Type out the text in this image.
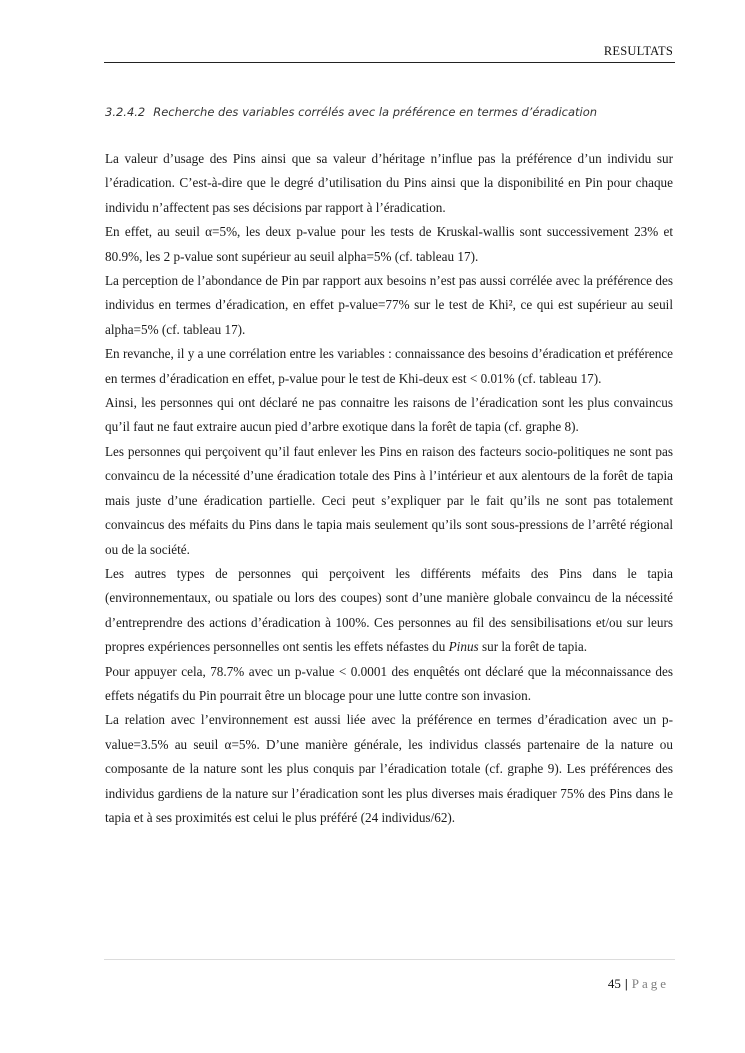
RESULTATS
3.2.4.2 Recherche des variables corrélés avec la préférence en termes d’éradication

La valeur d’usage des Pins ainsi que sa valeur d’héritage n’influe pas la préférence d’un individu sur l’éradication. C’est-à-dire que le degré d’utilisation du Pins ainsi que la disponibilité en Pin pour chaque individu n’affectent pas ses décisions par rapport à l’éradication.

En effet, au seuil α=5%, les deux p-value pour les tests de Kruskal-wallis sont successivement 23% et 80.9%, les 2 p-value sont supérieur au seuil alpha=5% (cf. tableau 17).

La perception de l’abondance de Pin par rapport aux besoins n’est pas aussi corrélée avec la préférence des individus en termes d’éradication, en effet p-value=77% sur le test de Khi², ce qui est supérieur au seuil alpha=5% (cf. tableau 17).

En revanche, il y a une corrélation entre les variables : connaissance des besoins d’éradication et préférence en termes d’éradication en effet, p-value pour le test de Khi-deux est < 0.01% (cf. tableau 17).

Ainsi, les personnes qui ont déclaré ne pas connaitre les raisons de l’éradication sont les plus convaincus qu’il faut ne faut extraire aucun pied d’arbre exotique dans la forêt de tapia (cf. graphe 8).

Les personnes qui perçoivent qu’il faut enlever les Pins en raison des facteurs socio-politiques ne sont pas convaincu de la nécessité d’une éradication totale des Pins à l’intérieur et aux alentours de la forêt de tapia mais juste d’une éradication partielle. Ceci peut s’expliquer par le fait qu’ils ne sont pas totalement convaincus des méfaits du Pins dans le tapia mais seulement qu’ils sont sous-pressions de l’arrêté régional ou de la société.

Les autres types de personnes qui perçoivent les différents méfaits des Pins dans le tapia (environnementaux, ou spatiale ou lors des coupes) sont d’une manière globale convaincu de la nécessité d’entreprendre des actions d’éradication à 100%. Ces personnes au fil des sensibilisations et/ou sur leurs propres expériences personnelles ont sentis les effets néfastes du Pinus sur la forêt de tapia.

Pour appuyer cela, 78.7% avec un p-value < 0.0001 des enquêtés ont déclaré que la méconnaissance des effets négatifs du Pin pourrait être un blocage pour une lutte contre son invasion.

La relation avec l’environnement est aussi liée avec la préférence en termes d’éradication avec un p-value=3.5% au seuil α=5%. D’une manière générale, les individus classés partenaire de la nature ou composante de la nature sont les plus conquis par l’éradication totale (cf. graphe 9). Les préférences des individus gardiens de la nature sur l’éradication sont les plus diverses mais éradiquer 75% des Pins dans le tapia et à ses proximités est celui le plus préféré (24 individus/62).

45 | Page
